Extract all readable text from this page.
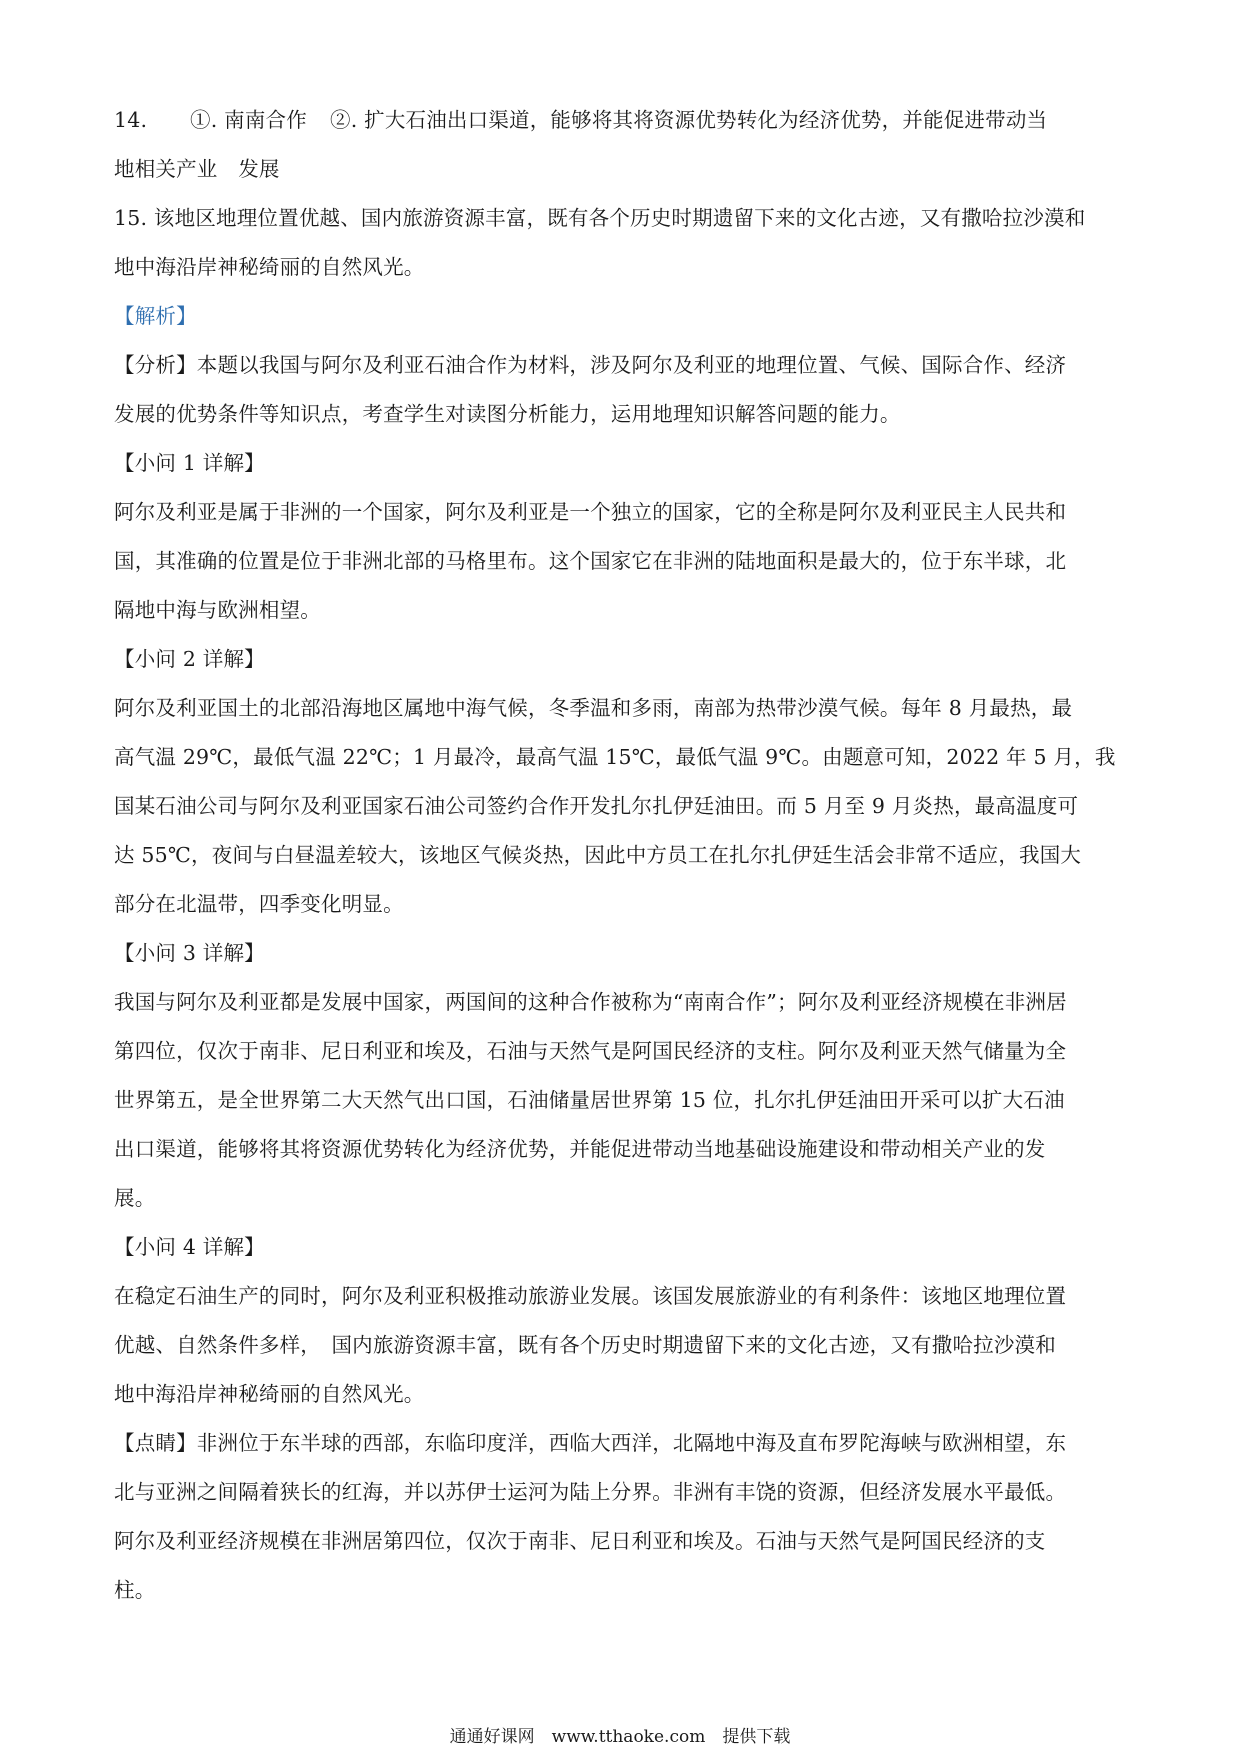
14. ①. 南南合作 ②. 扩大石油出口渠道，能够将其将资源优势转化为经济优势，并能促进带动当
地相关产业　发展
15. 该地区地理位置优越、国内旅游资源丰富，既有各个历史时期遗留下来的文化古迹，又有撒哈拉沙漠和
地中海沿岸神秘绮丽的自然风光。
【解析】
【分析】本题以我国与阿尔及利亚石油合作为材料，涉及阿尔及利亚的地理位置、气候、国际合作、经济
发展的优势条件等知识点，考查学生对读图分析能力，运用地理知识解答问题的能力。
【小问 1 详解】
阿尔及利亚是属于非洲的一个国家，阿尔及利亚是一个独立的国家，它的全称是阿尔及利亚民主人民共和
国，其准确的位置是位于非洲北部的马格里布。这个国家它在非洲的陆地面积是最大的，位于东半球，北
隔地中海与欧洲相望。
【小问 2 详解】
阿尔及利亚国土的北部沿海地区属地中海气候，冬季温和多雨，南部为热带沙漠气候。每年 8 月最热，最
高气温 29℃，最低气温 22℃；1 月最冷，最高气温 15℃，最低气温 9℃。由题意可知，2022 年 5 月，我
国某石油公司与阿尔及利亚国家石油公司签约合作开发扎尔扎伊廷油田。而 5 月至 9 月炎热，最高温度可
达 55℃，夜间与白昼温差较大，该地区气候炎热，因此中方员工在扎尔扎伊廷生活会非常不适应，我国大
部分在北温带，四季变化明显。
【小问 3 详解】
我国与阿尔及利亚都是发展中国家，两国间的这种合作被称为“南南合作”；阿尔及利亚经济规模在非洲居
第四位，仅次于南非、尼日利亚和埃及，石油与天然气是阿国民经济的支柱。阿尔及利亚天然气储量为全
世界第五，是全世界第二大天然气出口国，石油储量居世界第 15 位，扎尔扎伊廷油田开采可以扩大石油
出口渠道，能够将其将资源优势转化为经济优势，并能促进带动当地基础设施建设和带动相关产业的发
展。
【小问 4 详解】
在稳定石油生产的同时，阿尔及利亚积极推动旅游业发展。该国发展旅游业的有利条件：该地区地理位置
优越、自然条件多样，　国内旅游资源丰富，既有各个历史时期遗留下来的文化古迹，又有撒哈拉沙漠和
地中海沿岸神秘绮丽的自然风光。
【点睛】非洲位于东半球的西部，东临印度洋，西临大西洋，北隔地中海及直布罗陀海峡与欧洲相望，东
北与亚洲之间隔着狭长的红海，并以苏伊士运河为陆上分界。非洲有丰饶的资源，但经济发展水平最低。
阿尔及利亚经济规模在非洲居第四位，仅次于南非、尼日利亚和埃及。石油与天然气是阿国民经济的支
柱。
通通好课网　www.tthaoke.com　提供下载
